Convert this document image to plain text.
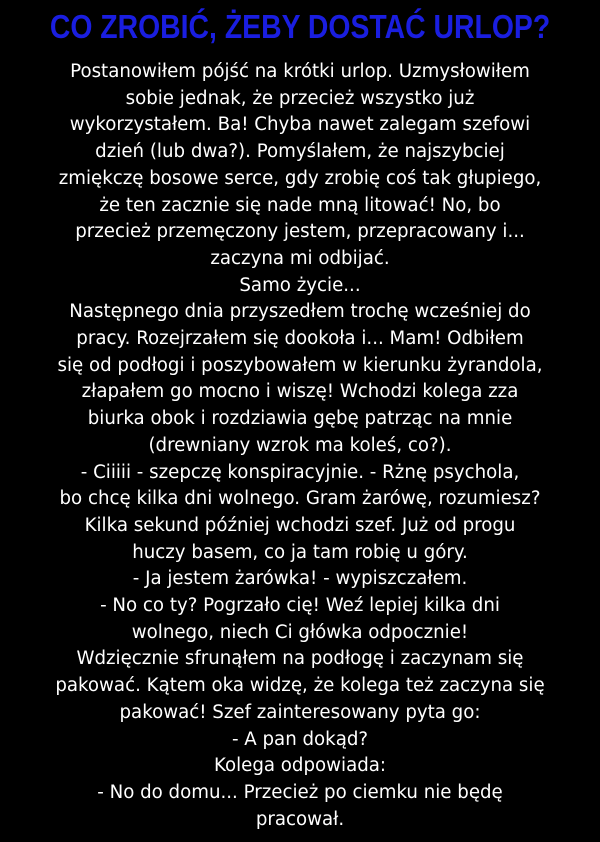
CO ZROBIĆ, ŻEBY DOSTAĆ URLOP?
Postanowiłem pójść na krótki urlop. Uzmysłowiłem
sobie jednak, że przecież wszystko już
wykorzystałem. Ba! Chyba nawet zalegam szefowi
dzień (lub dwa?). Pomyślałem, że najszybciej
zmiękczę bosowe serce, gdy zrobię coś tak głupiego,
że ten zacznie się nade mną litować! No, bo
przecież przemęczony jestem, przepracowany i...
zaczyna mi odbijać.
Samo życie...
Następnego dnia przyszedłem trochę wcześniej do
pracy. Rozejrzałem się dookoła i... Mam! Odbiłem
się od podłogi i poszybowałem w kierunku żyrandola,
złapałem go mocno i wiszę! Wchodzi kolega zza
biurka obok i rozdziawia gębę patrząc na mnie
(drewniany wzrok ma koleś, co?).
- Ciiiii - szepczę konspiracyjnie. - Rżnę psychola,
bo chcę kilka dni wolnego. Gram żarówę, rozumiesz?
Kilka sekund później wchodzi szef. Już od progu
huczy basem, co ja tam robię u góry.
- Ja jestem żarówka! - wypiszczałem.
- No co ty? Pogrzało cię! Weź lepiej kilka dni
wolnego, niech Ci główka odpocznie!
Wdzięcznie sfrunąłem na podłogę i zaczynam się
pakować. Kątem oka widzę, że kolega też zaczyna się
pakować! Szef zainteresowany pyta go:
- A pan dokąd?
Kolega odpowiada:
- No do domu... Przecież po ciemku nie będę
pracował.
